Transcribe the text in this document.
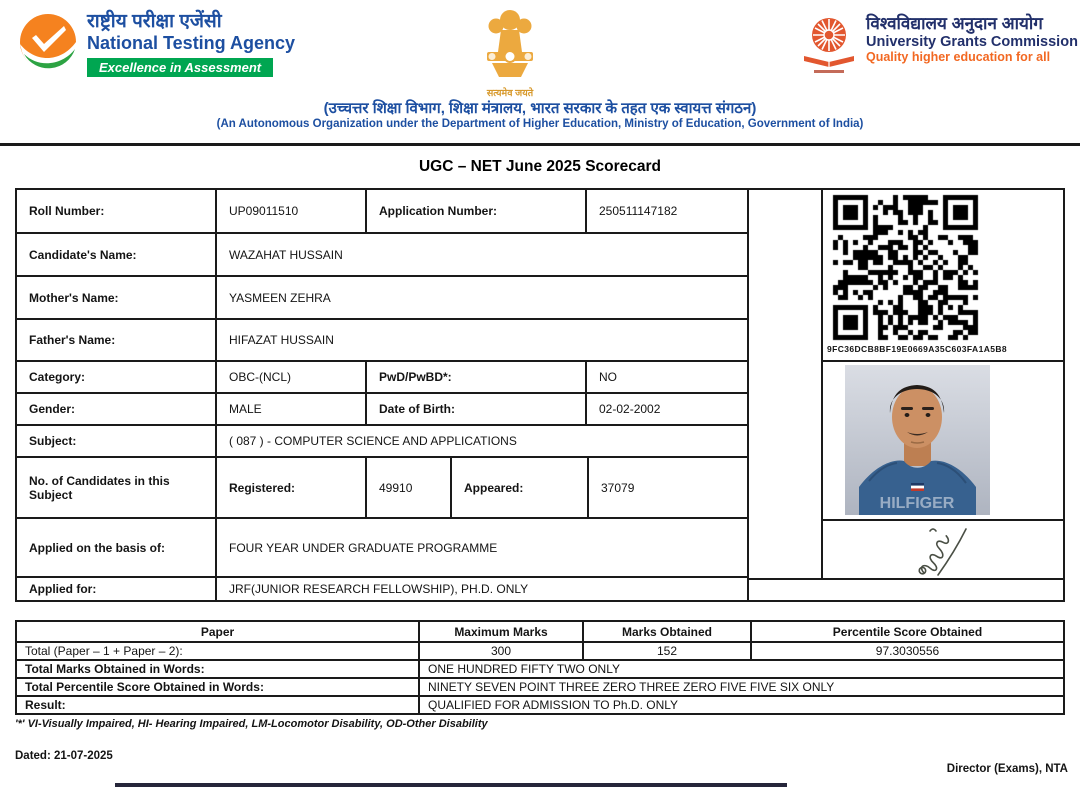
राष्ट्रीय परीक्षा एजेंसी
National Testing Agency
Excellence in Assessment
सत्यमेव जयते
विश्वविद्यालय अनुदान आयोग
University Grants Commission
Quality higher education for all
(उच्चत्तर शिक्षा विभाग, शिक्षा मंत्रालय, भारत सरकार के तहत एक स्वायत्त संगठन)
(An Autonomous Organization under the Department of Higher Education, Ministry of Education, Government of India)
UGC – NET June 2025 Scorecard
Roll Number:	UP09011510	Application Number:	250511147182
Candidate's Name:	WAZAHAT HUSSAIN
Mother's Name:	YASMEEN ZEHRA
Father's Name:	HIFAZAT HUSSAIN
Category:	OBC-(NCL)	PwD/PwBD*:	NO
Gender:	MALE	Date of Birth:	02-02-2002
Subject:	( 087 ) - COMPUTER SCIENCE AND APPLICATIONS
No. of Candidates in this Subject	Registered:	49910	Appeared:	37079
Applied on the basis of:	FOUR YEAR UNDER GRADUATE PROGRAMME
Applied for:	JRF(JUNIOR RESEARCH FELLOWSHIP), PH.D. ONLY
9FC36DCB8BF19E0669A35C603FA1A5B8
HILFIGER
Paper	Maximum Marks	Marks Obtained	Percentile Score Obtained
Total (Paper – 1 + Paper – 2):	300	152	97.3030556
Total Marks Obtained in Words:	ONE HUNDRED FIFTY TWO ONLY
Total Percentile Score Obtained in Words:	NINETY SEVEN POINT THREE ZERO THREE ZERO FIVE FIVE SIX ONLY
Result:	QUALIFIED FOR ADMISSION TO Ph.D. ONLY
'*' VI-Visually Impaired, HI- Hearing Impaired, LM-Locomotor Disability, OD-Other Disability
Dated: 21-07-2025
Director (Exams), NTA
